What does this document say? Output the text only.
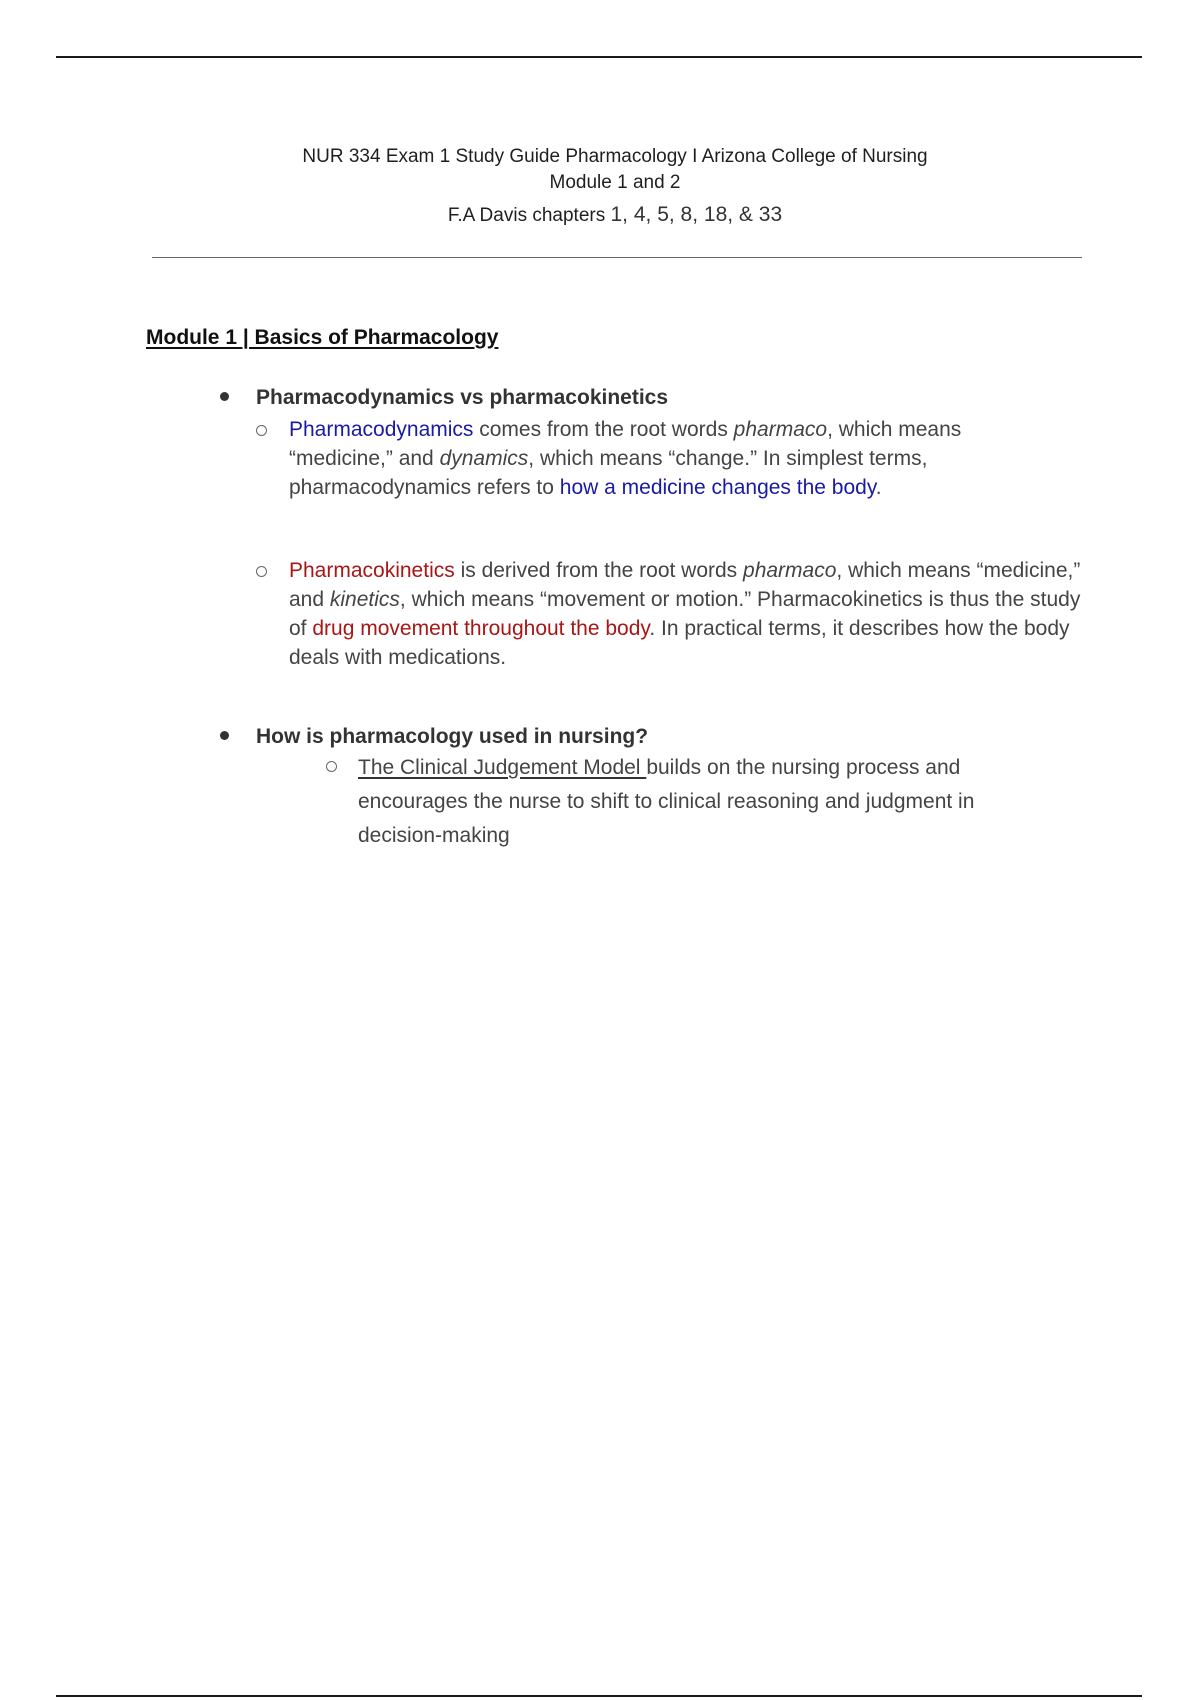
NUR 334 Exam 1 Study Guide Pharmacology I Arizona College of Nursing
Module 1 and 2
F.A Davis chapters 1, 4, 5, 8, 18, & 33
Module 1 | Basics of Pharmacology
Pharmacodynamics vs pharmacokinetics
Pharmacodynamics comes from the root words pharmaco, which means “medicine,” and dynamics, which means “change.” In simplest terms, pharmacodynamics refers to how a medicine changes the body.
Pharmacokinetics is derived from the root words pharmaco, which means “medicine,” and kinetics, which means “movement or motion.” Pharmacokinetics is thus the study of drug movement throughout the body. In practical terms, it describes how the body deals with medications.
How is pharmacology used in nursing?
The Clinical Judgement Model builds on the nursing process and encourages the nurse to shift to clinical reasoning and judgment in decision-making
